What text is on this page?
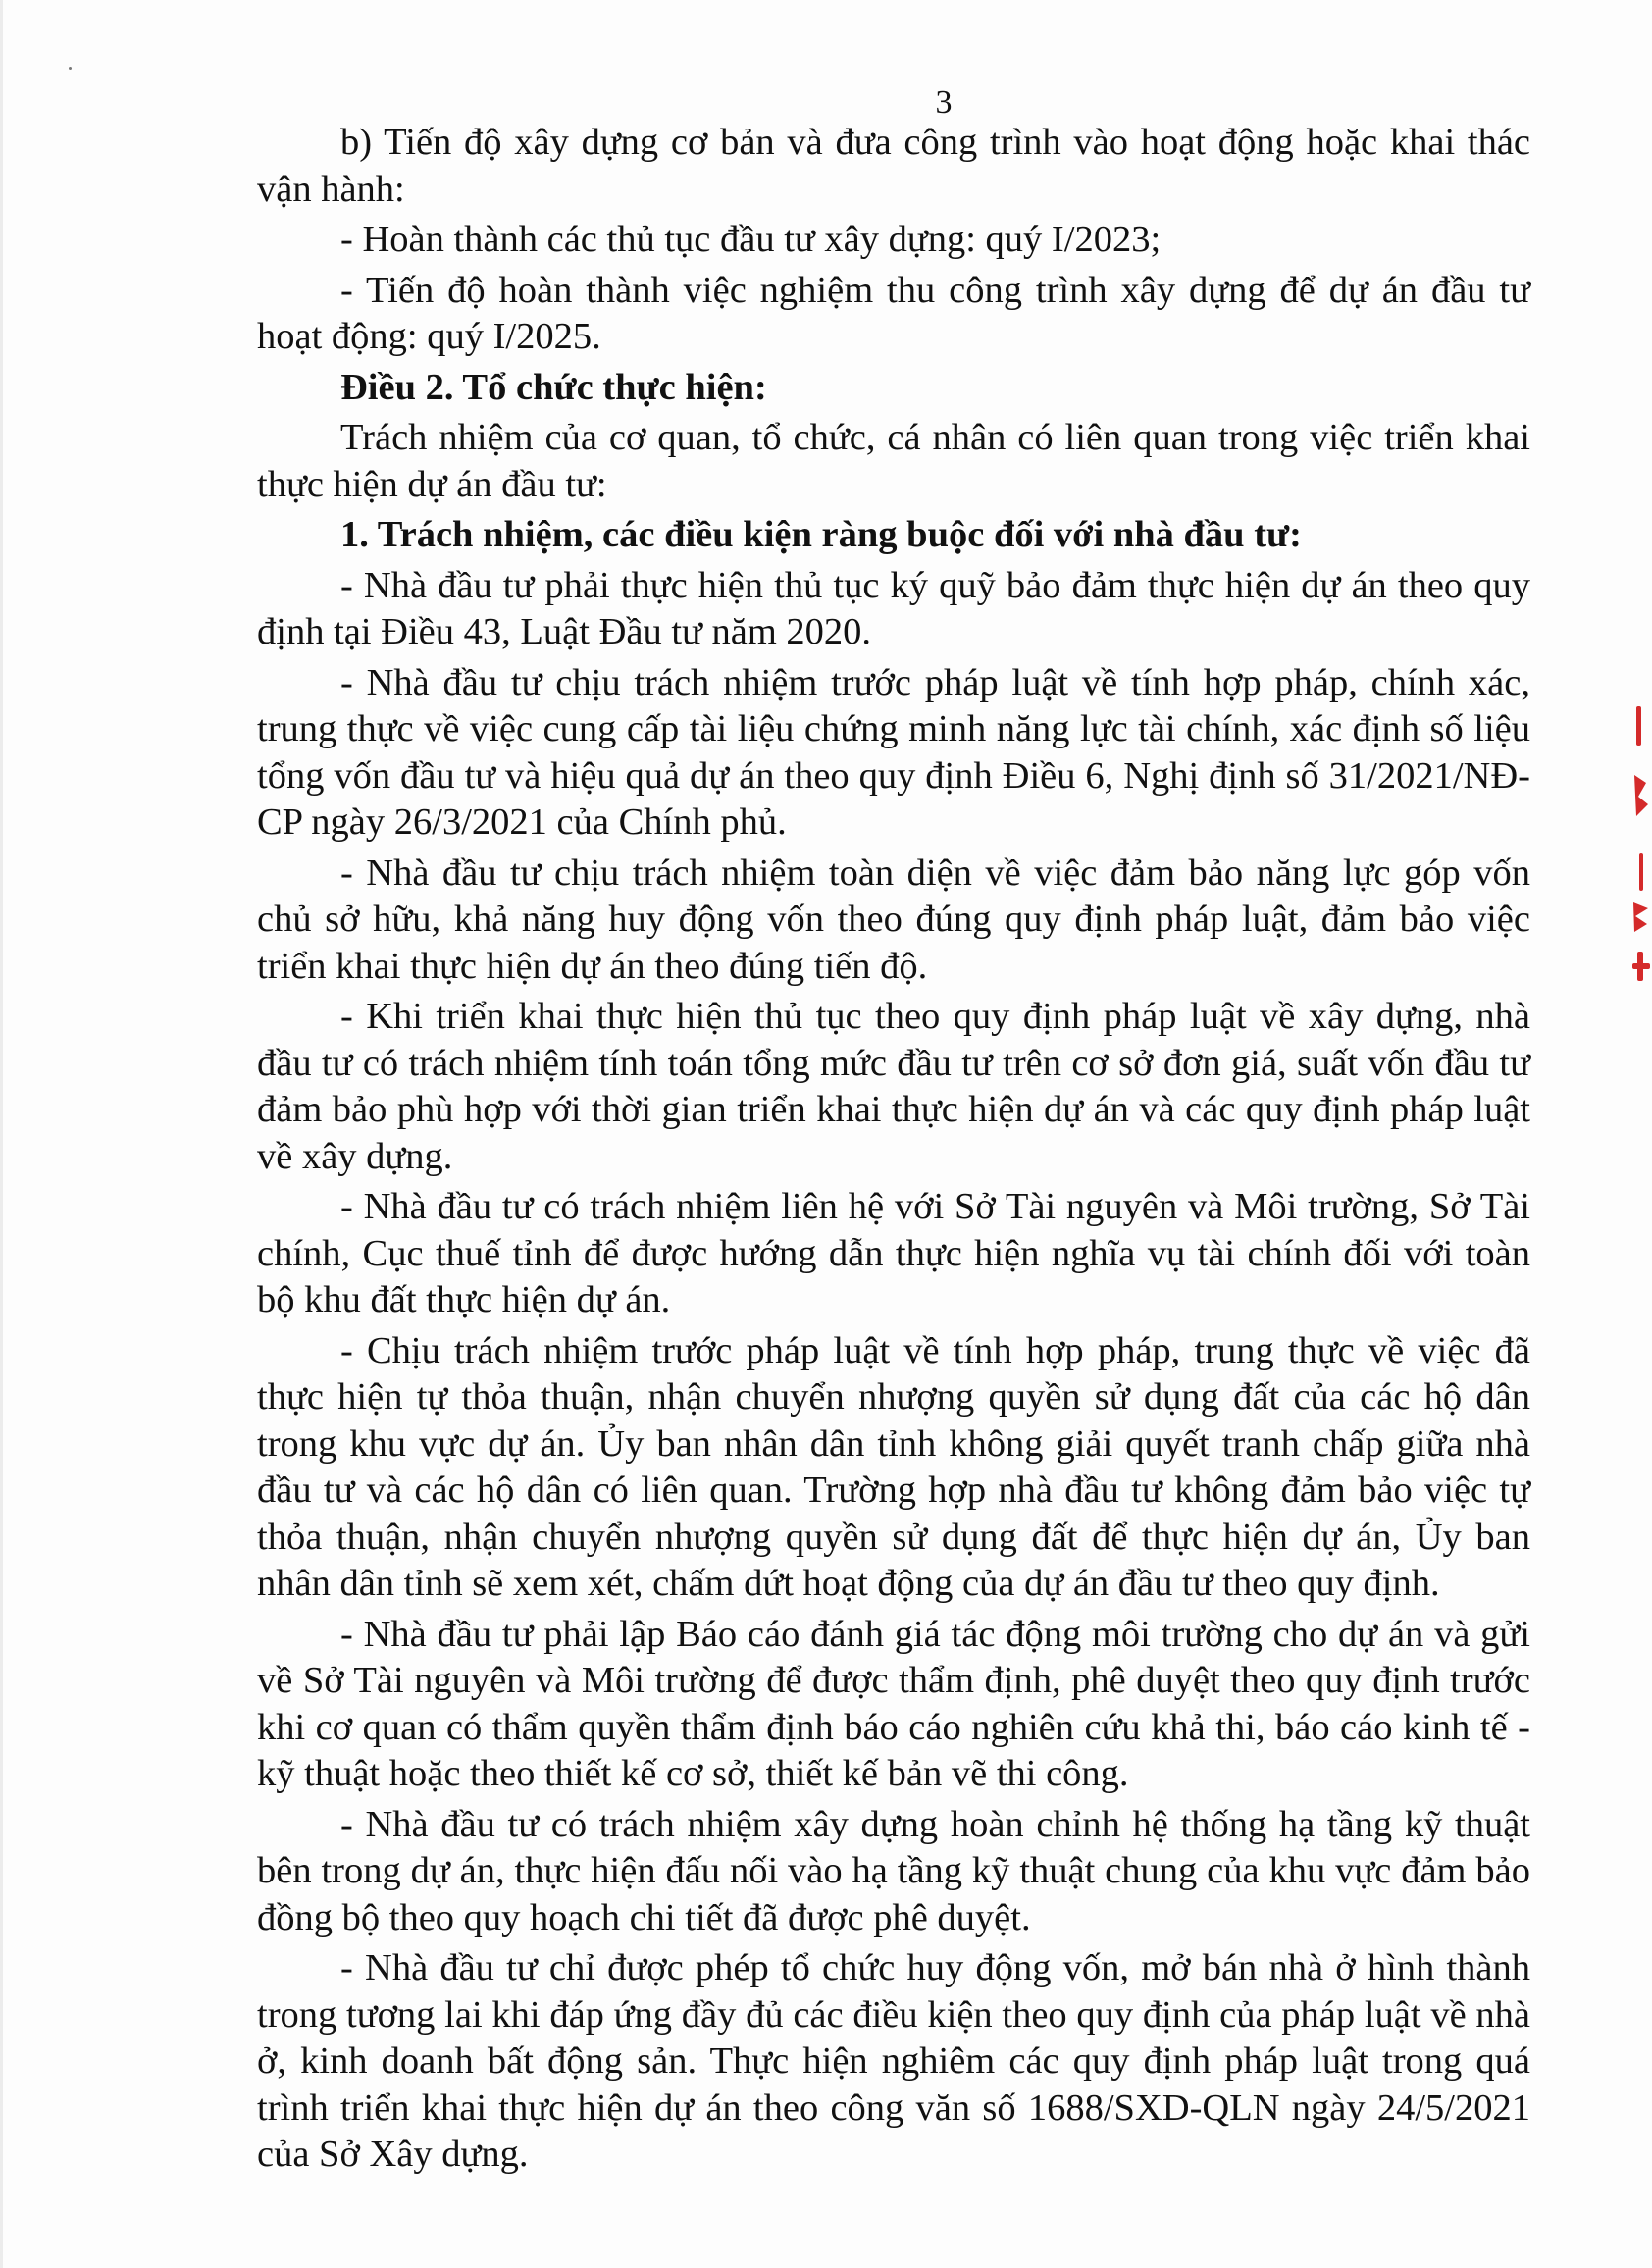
3

b) Tiến độ xây dựng cơ bản và đưa công trình vào hoạt động hoặc khai thác vận hành:

- Hoàn thành các thủ tục đầu tư xây dựng: quý I/2023;

- Tiến độ hoàn thành việc nghiệm thu công trình xây dựng để dự án đầu tư hoạt động: quý I/2025.

Điều 2. Tổ chức thực hiện:

Trách nhiệm của cơ quan, tổ chức, cá nhân có liên quan trong việc triển khai thực hiện dự án đầu tư:

1. Trách nhiệm, các điều kiện ràng buộc đối với nhà đầu tư:

- Nhà đầu tư phải thực hiện thủ tục ký quỹ bảo đảm thực hiện dự án theo quy định tại Điều 43, Luật Đầu tư năm 2020.

- Nhà đầu tư chịu trách nhiệm trước pháp luật về tính hợp pháp, chính xác, trung thực về việc cung cấp tài liệu chứng minh năng lực tài chính, xác định số liệu tổng vốn đầu tư và hiệu quả dự án theo quy định Điều 6, Nghị định số 31/2021/NĐ-CP ngày 26/3/2021 của Chính phủ.

- Nhà đầu tư chịu trách nhiệm toàn diện về việc đảm bảo năng lực góp vốn chủ sở hữu, khả năng huy động vốn theo đúng quy định pháp luật, đảm bảo việc triển khai thực hiện dự án theo đúng tiến độ.

- Khi triển khai thực hiện thủ tục theo quy định pháp luật về xây dựng, nhà đầu tư có trách nhiệm tính toán tổng mức đầu tư trên cơ sở đơn giá, suất vốn đầu tư đảm bảo phù hợp với thời gian triển khai thực hiện dự án và các quy định pháp luật về xây dựng.

- Nhà đầu tư có trách nhiệm liên hệ với Sở Tài nguyên và Môi trường, Sở Tài chính, Cục thuế tỉnh để được hướng dẫn thực hiện nghĩa vụ tài chính đối với toàn bộ khu đất thực hiện dự án.

- Chịu trách nhiệm trước pháp luật về tính hợp pháp, trung thực về việc đã thực hiện tự thỏa thuận, nhận chuyển nhượng quyền sử dụng đất của các hộ dân trong khu vực dự án. Ủy ban nhân dân tỉnh không giải quyết tranh chấp giữa nhà đầu tư và các hộ dân có liên quan. Trường hợp nhà đầu tư không đảm bảo việc tự thỏa thuận, nhận chuyển nhượng quyền sử dụng đất để thực hiện dự án, Ủy ban nhân dân tỉnh sẽ xem xét, chấm dứt hoạt động của dự án đầu tư theo quy định.

- Nhà đầu tư phải lập Báo cáo đánh giá tác động môi trường cho dự án và gửi về Sở Tài nguyên và Môi trường để được thẩm định, phê duyệt theo quy định trước khi cơ quan có thẩm quyền thẩm định báo cáo nghiên cứu khả thi, báo cáo kinh tế - kỹ thuật hoặc theo thiết kế cơ sở, thiết kế bản vẽ thi công.

- Nhà đầu tư có trách nhiệm xây dựng hoàn chỉnh hệ thống hạ tầng kỹ thuật bên trong dự án, thực hiện đấu nối vào hạ tầng kỹ thuật chung của khu vực đảm bảo đồng bộ theo quy hoạch chi tiết đã được phê duyệt.

- Nhà đầu tư chỉ được phép tổ chức huy động vốn, mở bán nhà ở hình thành trong tương lai khi đáp ứng đầy đủ các điều kiện theo quy định của pháp luật về nhà ở, kinh doanh bất động sản. Thực hiện nghiêm các quy định pháp luật trong quá trình triển khai thực hiện dự án theo công văn số 1688/SXD-QLN ngày 24/5/2021 của Sở Xây dựng.
